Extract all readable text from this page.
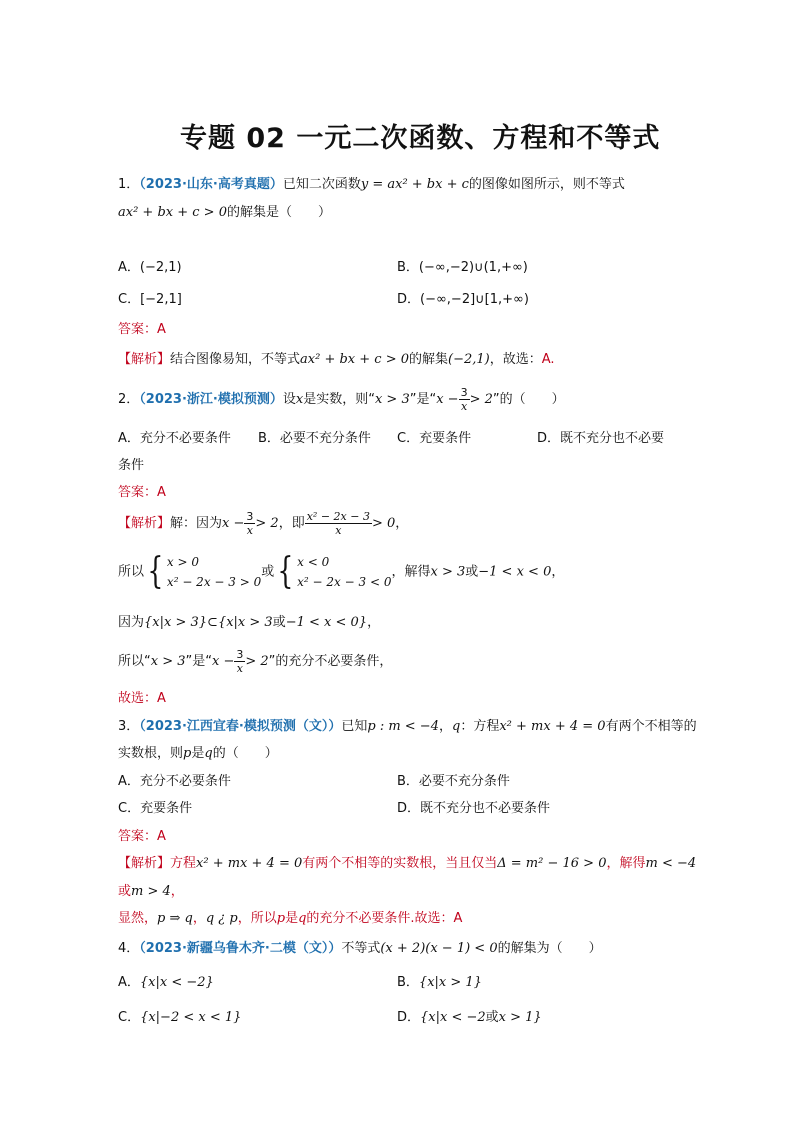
专题 02 一元二次函数、方程和不等式
1．（2023·山东·高考真题）已知二次函数y = ax² + bx + c的图像如图所示，则不等式
ax² + bx + c > 0的解集是（　　）
A．(−2,1)	B．(−∞,−2)∪(1,+∞)
C．[−2,1]	D．(−∞,−2]∪[1,+∞)
答案：A
【解析】结合图像易知，不等式ax² + bx + c > 0的解集(−2,1)，故选：A.
2．（2023·浙江·模拟预测）设x是实数，则“x > 3”是“$x - \frac{3}{x} > 2$”的（　　）
A．充分不必要条件 B．必要不充分条件 C．充要条件	D．既不充分也不必要
条件
答案：A
【解析】解：因为$x - \frac{3}{x} > 2$，即 $\frac{\text{x² − 2x − 3}}{x} > 0$，
所以{ x > 0
x² − 2x − 3 > 0
或{ x < 0
x² − 2x − 3 < 0
，解得x > 3或−1 < x < 0，
因为{x|x > 3}⊂{x|x > 3或−1 < x < 0}，
所以“x > 3”是“$x - \frac{3}{x} > 2$”的充分不必要条件，
故选：A
3．（2023·江西宜春·模拟预测（文））已知p : m < −4，q：方程x² + mx + 4 = 0有两个不相等的
实数根，则p是q的（　　）
A．充分不必要条件	B．必要不充分条件
C．充要条件	D．既不充分也不必要条件
答案：A
【解析】方程x² + mx + 4 = 0有两个不相等的实数根，当且仅当Δ = m² − 16 > 0，解得m < −4
或m > 4，
显然，p ⇒ q，q ¿ p，所以p是q的充分不必要条件.故选：A
4．（2023·新疆乌鲁木齐·二模（文））不等式(x + 2)(x − 1) < 0的解集为（　　）
A．{x|x < −2}	B．{x|x > 1}
C．{x|−2 < x < 1}	D．{x|x < −2或x > 1}
